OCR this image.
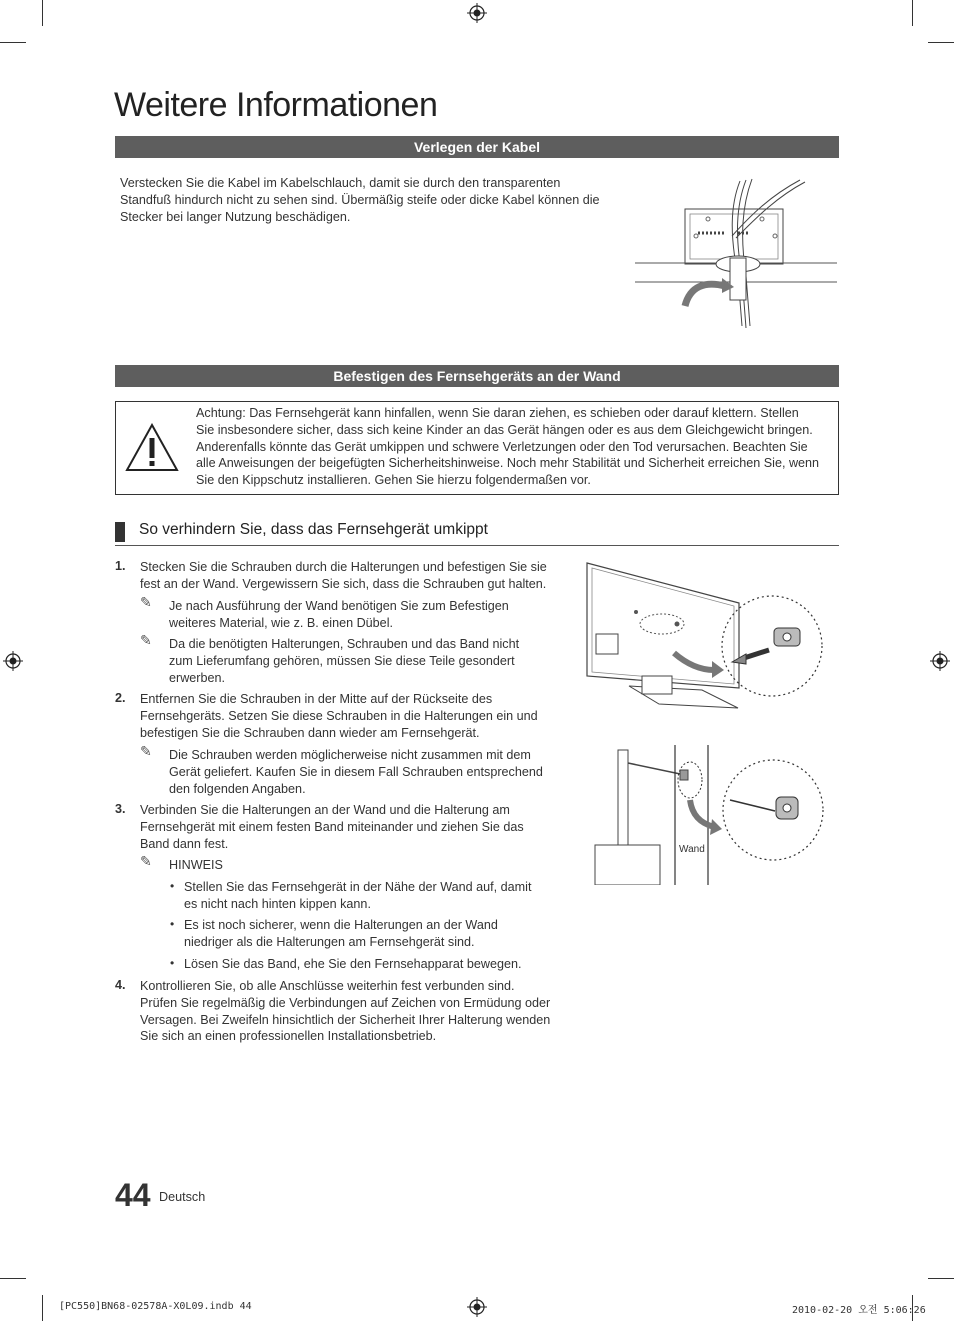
Weitere Informationen
Verlegen der Kabel
Verstecken Sie die Kabel im Kabelschlauch, damit sie durch den transparenten
Standfuß hindurch nicht zu sehen sind. Übermäßig steife oder dicke Kabel können die
Stecker bei langer Nutzung beschädigen.
Befestigen des Fernsehgeräts an der Wand
Achtung: Das Fernsehgerät kann hinfallen, wenn Sie daran ziehen, es schieben oder darauf klettern. Stellen
Sie insbesondere sicher, dass sich keine Kinder an das Gerät hängen oder es aus dem Gleichgewicht bringen.
Anderenfalls könnte das Gerät umkippen und schwere Verletzungen oder den Tod verursachen. Beachten Sie
alle Anweisungen der beigefügten Sicherheitshinweise. Noch mehr Stabilität und Sicherheit erreichen Sie, wenn
Sie den Kippschutz installieren. Gehen Sie hierzu folgendermaßen vor.
So verhindern Sie, dass das Fernsehgerät umkippt
1. Stecken Sie die Schrauben durch die Halterungen und befestigen Sie sie
fest an der Wand. Vergewissern Sie sich, dass die Schrauben gut halten.
✎ Je nach Ausführung der Wand benötigen Sie zum Befestigen
weiteres Material, wie z. B. einen Dübel.
✎ Da die benötigten Halterungen, Schrauben und das Band nicht
zum Lieferumfang gehören, müssen Sie diese Teile gesondert
erwerben.
2. Entfernen Sie die Schrauben in der Mitte auf der Rückseite des
Fernsehgeräts. Setzen Sie diese Schrauben in die Halterungen ein und
befestigen Sie die Schrauben dann wieder am Fernsehgerät.
✎ Die Schrauben werden möglicherweise nicht zusammen mit dem
Gerät geliefert. Kaufen Sie in diesem Fall Schrauben entsprechend
den folgenden Angaben.
3. Verbinden Sie die Halterungen an der Wand und die Halterung am
Fernsehgerät mit einem festen Band miteinander und ziehen Sie das
Band dann fest.
✎ HINWEIS
• Stellen Sie das Fernsehgerät in der Nähe der Wand auf, damit
es nicht nach hinten kippen kann.
• Es ist noch sicherer, wenn die Halterungen an der Wand
niedriger als die Halterungen am Fernsehgerät sind.
• Lösen Sie das Band, ehe Sie den Fernsehapparat bewegen.
4. Kontrollieren Sie, ob alle Anschlüsse weiterhin fest verbunden sind.
Prüfen Sie regelmäßig die Verbindungen auf Zeichen von Ermüdung oder
Versagen. Bei Zweifeln hinsichtlich der Sicherheit Ihrer Halterung wenden
Sie sich an einen professionellen Installationsbetrieb.
Wand
44 Deutsch
[PC550]BN68-02578A-X0L09.indb 44	2010-02-20 오전 5:06:26
